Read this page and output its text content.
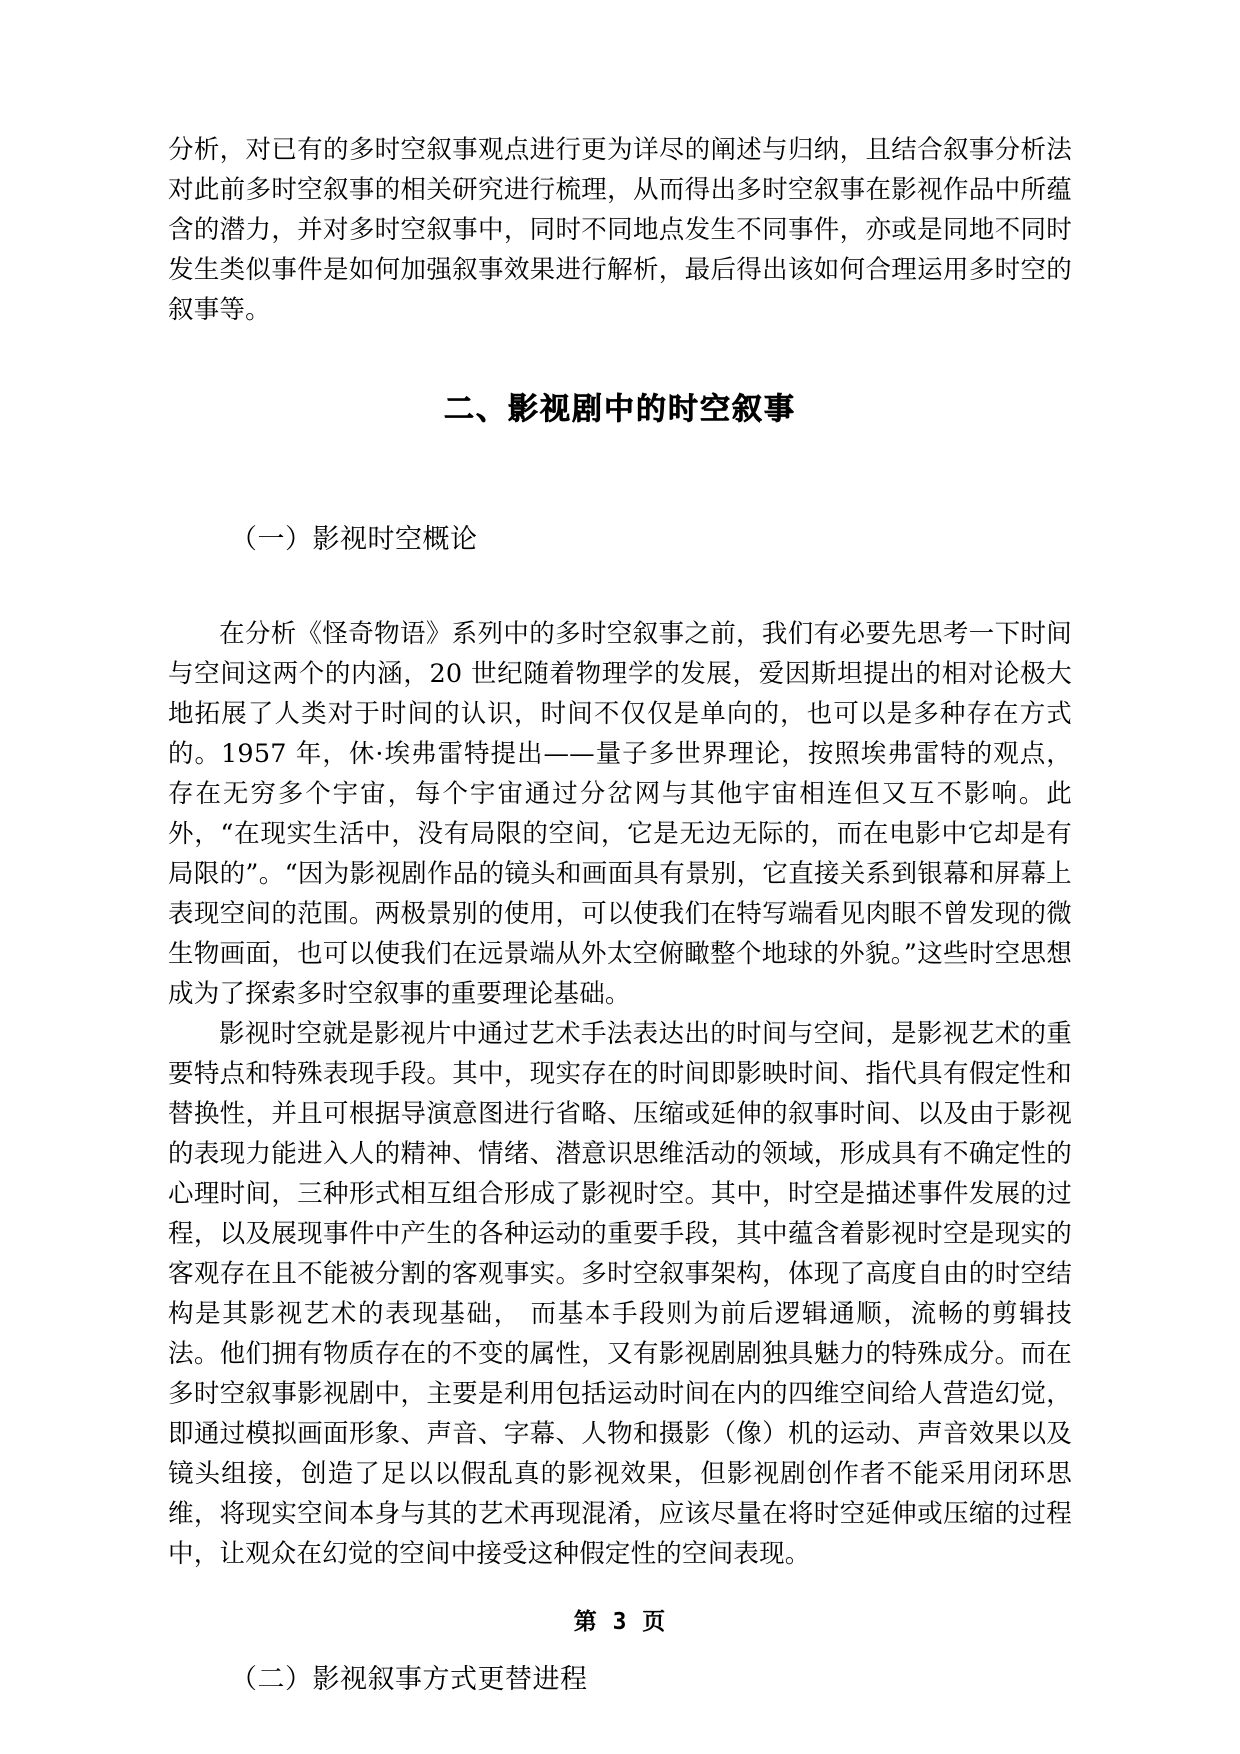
分析，对已有的多时空叙事观点进行更为详尽的阐述与归纳，且结合叙事分析法对此前多时空叙事的相关研究进行梳理，从而得出多时空叙事在影视作品中所蕴含的潜力，并对多时空叙事中，同时不同地点发生不同事件，亦或是同地不同时发生类似事件是如何加强叙事效果进行解析，最后得出该如何合理运用多时空的叙事等。

二、影视剧中的时空叙事
（一）影视时空概论

在分析《怪奇物语》系列中的多时空叙事之前，我们有必要先思考一下时间与空间这两个的内涵，20 世纪随着物理学的发展，爱因斯坦提出的相对论极大地拓展了人类对于时间的认识，时间不仅仅是单向的，也可以是多种存在方式的。1957 年，休·埃弗雷特提出——量子多世界理论，按照埃弗雷特的观点，存在无穷多个宇宙，每个宇宙通过分岔网与其他宇宙相连但又互不影响。此外，“在现实生活中，没有局限的空间，它是无边无际的，而在电影中它却是有局限的”。“因为影视剧作品的镜头和画面具有景别，它直接关系到银幕和屏幕上表现空间的范围。两极景别的使用，可以使我们在特写端看见肉眼不曾发现的微生物画面，也可以使我们在远景端从外太空俯瞰整个地球的外貌。”这些时空思想成为了探索多时空叙事的重要理论基础。

影视时空就是影视片中通过艺术手法表达出的时间与空间，是影视艺术的重要特点和特殊表现手段。其中，现实存在的时间即影映时间、指代具有假定性和替换性，并且可根据导演意图进行省略、压缩或延伸的叙事时间、以及由于影视的表现力能进入人的精神、情绪、潜意识思维活动的领域，形成具有不确定性的心理时间，三种形式相互组合形成了影视时空。其中，时空是描述事件发展的过程，以及展现事件中产生的各种运动的重要手段，其中蕴含着影视时空是现实的客观存在且不能被分割的客观事实。多时空叙事架构，体现了高度自由的时空结构是其影视艺术的表现基础， 而基本手段则为前后逻辑通顺，流畅的剪辑技法。他们拥有物质存在的不变的属性，又有影视剧剧独具魅力的特殊成分。而在多时空叙事影视剧中，主要是利用包括运动时间在内的四维空间给人营造幻觉，即通过模拟画面形象、声音、字幕、人物和摄影（像）机的运动、声音效果以及镜头组接，创造了足以以假乱真的影视效果，但影视剧创作者不能采用闭环思维，将现实空间本身与其的艺术再现混淆，应该尽量在将时空延伸或压缩的过程中，让观众在幻觉的空间中接受这种假定性的空间表现。

（二）影视叙事方式更替进程
第 3 页
